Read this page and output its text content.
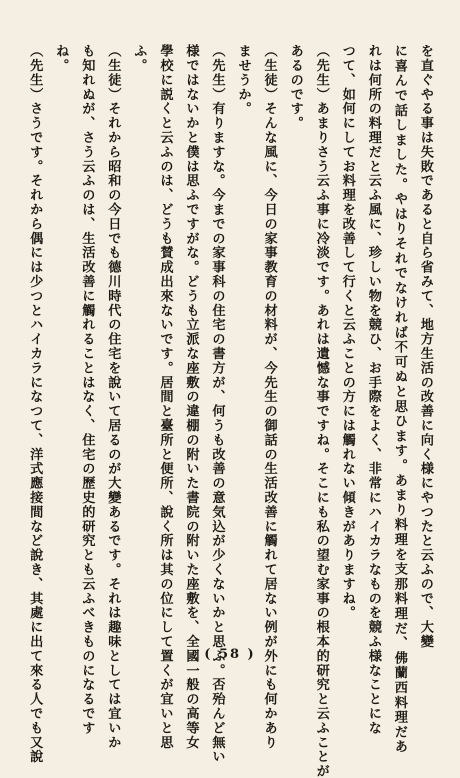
を直ぐやる事は失敗であると自ら省みて、地方生活の改善に向く様にやつたと云ふので、大變
に喜んで話しました。やはりそれでなければ不可ぬと思ひます。あまり料理を支那料理だ、佛蘭西料理だあ
れは何所の料理だと云ふ風に、珍しい物を競ひ、お手際をよく、非常にハイカラなものを競ふ様なことにな
つて、如何にしてお料理を改善して行くと云ふことの方には觸れない傾きがありますね。
（先生）あまりさう云ふ事に冷淡です。あれは遺憾な事ですね。そこにも私の望む家事の根本的研究と云ふことが
あるのです。
（生徒）そんな風に、今日の家事教育の材料が、今先生の御話の生活改善に觸れて居ない例が外にも何かあり
ませうか。
（先生）有りますな。今までの家事科の住宅の書方が、何うも改善の意気込が少くないかと思ふ。否殆んど無い
様ではないかと僕は思ふですがな。どうも立派な座敷の違棚の附いた書院の附いた座敷を、全國一般の高等女
學校に説くと云ふのは、どうも賛成出來ないです。居間と臺所と便所、說く所は其の位にして置くが宜いと思
ふ。
（生徒）それから昭和の今日でも德川時代の住宅を說いて居るのが大變あるです。それは趣味としては宜いか
も知れぬが、さう云ふのは、生活改善に觸れることはなく、住宅の歷史的研究とも云ふべきものになるです
ね。
（先生）さうです。それから偶には少つとハイカラになつて、洋式應接間など說き、其處に出て來る人でも又說	( 58 )
